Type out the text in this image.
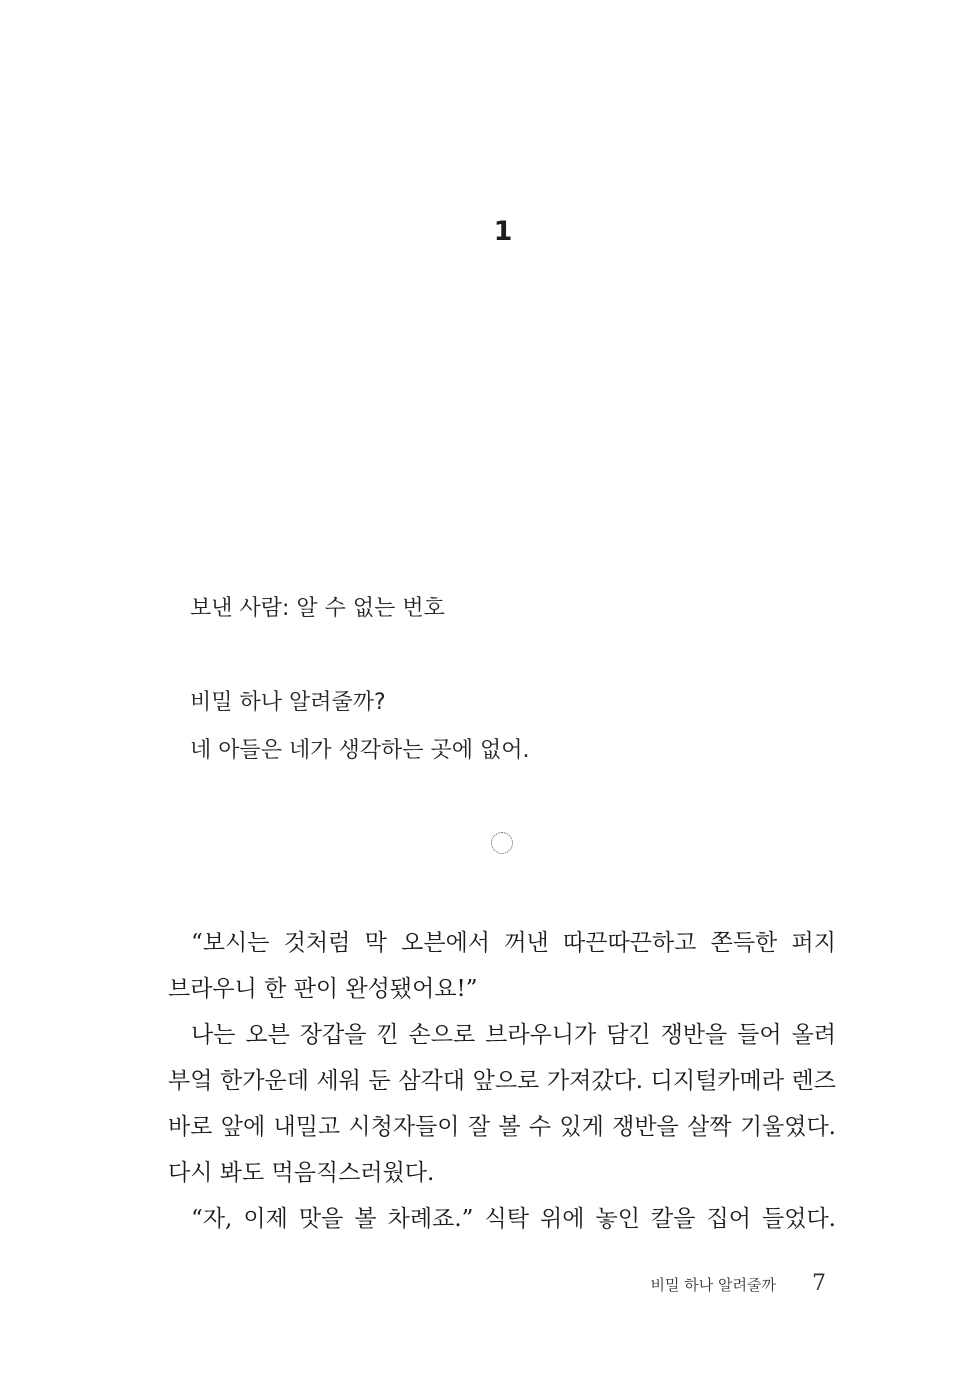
1
보낸 사람: 알 수 없는 번호
비밀 하나 알려줄까?
네 아들은 네가 생각하는 곳에 없어.

“보시는 것처럼 막 오븐에서 꺼낸 따끈따끈하고 쫀득한 퍼지 브라우니 한 판이 완성됐어요!”

나는 오븐 장갑을 낀 손으로 브라우니가 담긴 쟁반을 들어 올려 부엌 한가운데 세워 둔 삼각대 앞으로 가져갔다. 디지털카메라 렌즈 바로 앞에 내밀고 시청자들이 잘 볼 수 있게 쟁반을 살짝 기울였다. 다시 봐도 먹음직스러웠다.

“자, 이제 맛을 볼 차례죠.” 식탁 위에 놓인 칼을 집어 들었다.

비밀 하나 알려줄까 7
